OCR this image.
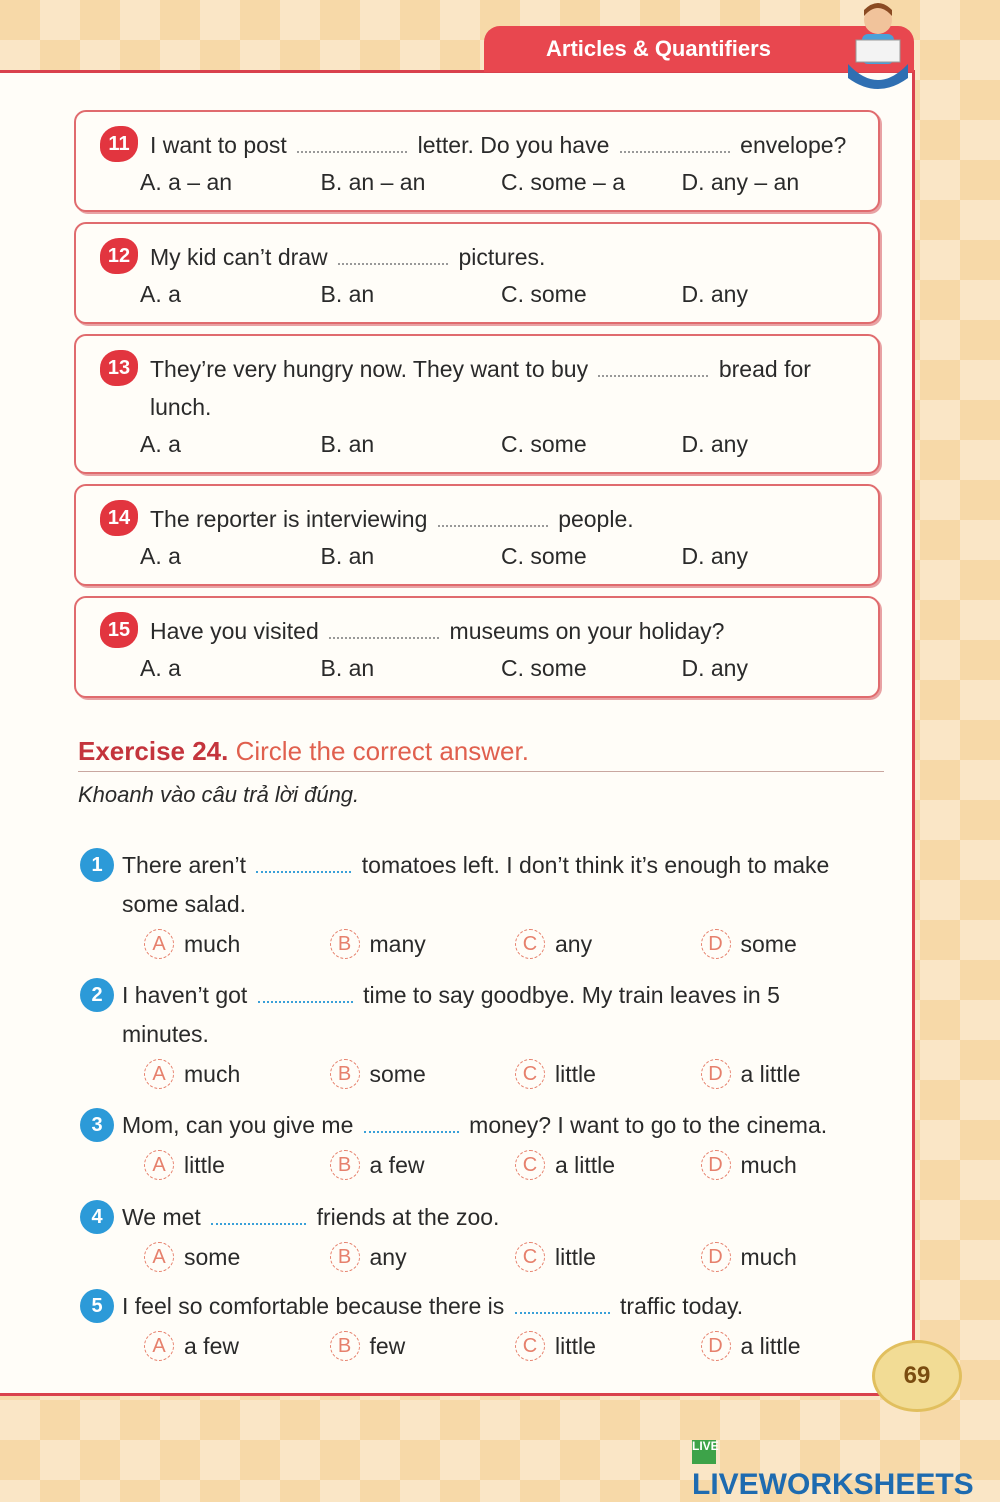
Articles & Quantifiers
11 I want to post	letter. Do you have	envelope?
A. a – an	B. an – an	C. some – a	D. any – an
12 My kid can’t draw	pictures.
A. a	B. an	C. some	D. any
13 They’re very hungry now. They want to buy	bread for
lunch.
A. a	B. an	C. some	D. any
14 The reporter is interviewing	people.
A. a	B. an	C. some	D. any
15 Have you visited	museums on your holiday?
A. a	B. an	C. some	D. any
Exercise 24. Circle the correct answer.
Khoanh vào câu trả lời đúng.
1 There aren’t	tomatoes left. I don’t think it’s enough to make
some salad.
A much	B many	C any	D some
2 I haven’t got	time to say goodbye. My train leaves in 5
minutes.
A much	B some	C little	D a little
3 Mom, can you give me	money? I want to go to the cinema.
A little	B a few	C a little	D much
4 We met	friends at the zoo.
A some	B any	C little	D much
5 I feel so comfortable because there is	traffic today.
A a few	B few	C little	D a little
69
LIVELIVEWORKSHEETS
